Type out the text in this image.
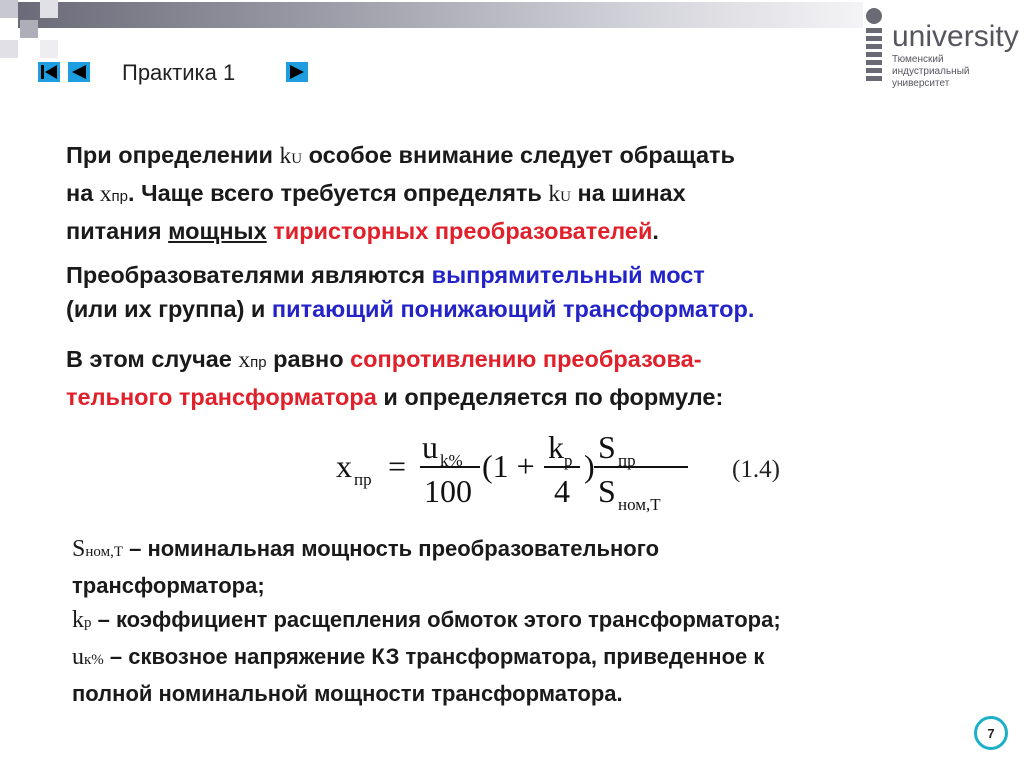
Практика 1
university
Тюменский
индустриальный
университет
При определении kU особое внимание следует обращать
на xпр. Чаще всего требуется определять kU на шинах
питания мощных тиристорных преобразователей.
Преобразователями являются выпрямительный мост
(или их группа) и питающий понижающий трансформатор.
В этом случае xпр равно сопротивлению преобразова-
тельного трансформатора и определяется по формуле:
x пр =
u k%
100
(1 +
k p
4
)
S пр
S ном,Т
(1.4)
Sном,Т – номинальная мощность преобразовательного
трансформатора;
kр – коэффициент расщепления обмоток этого трансформатора;
uк% – сквозное напряжение КЗ трансформатора, приведенное к
полной номинальной мощности трансформатора.
7
